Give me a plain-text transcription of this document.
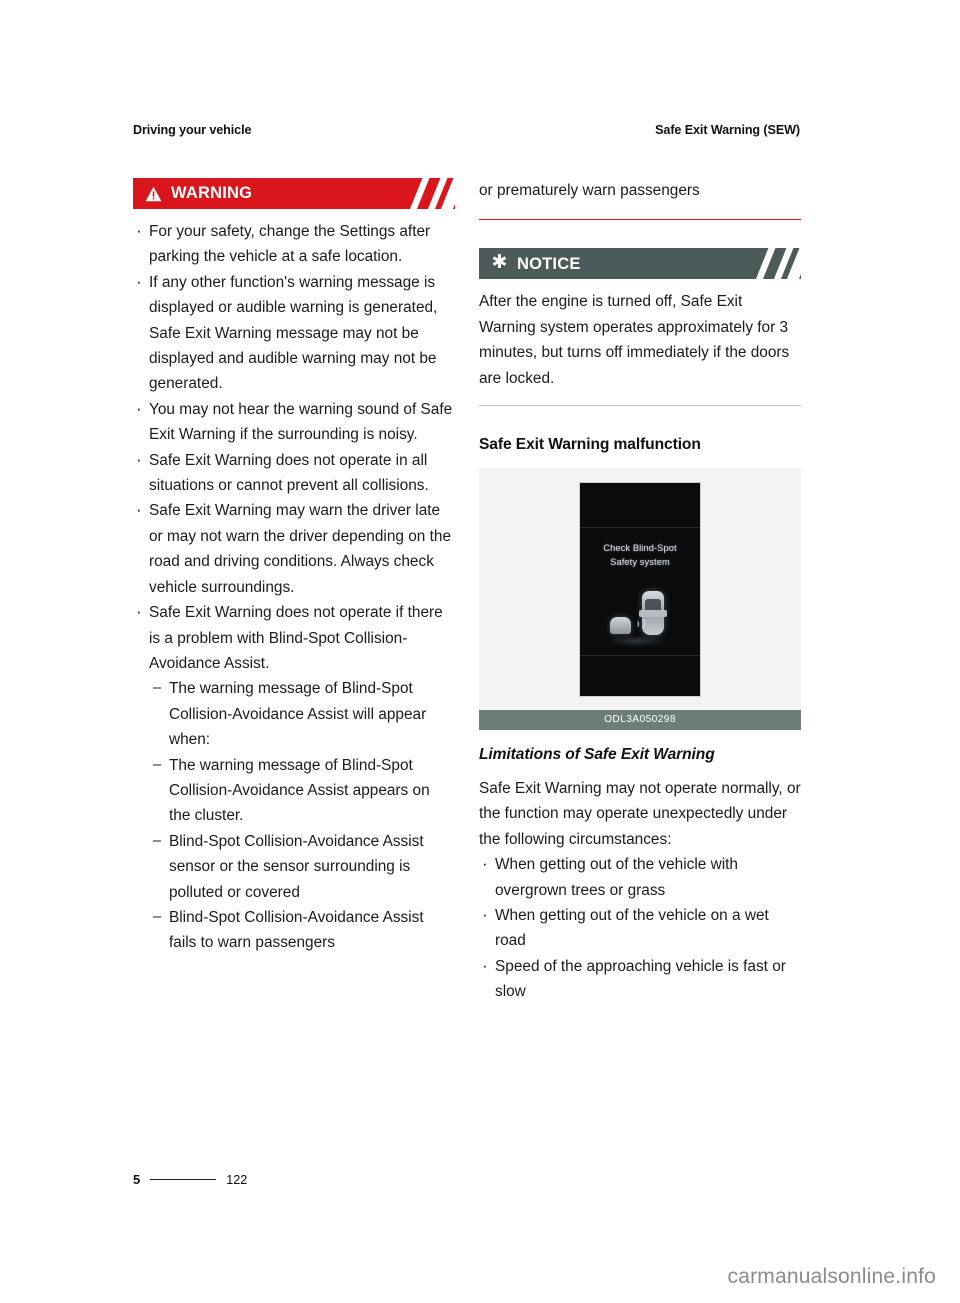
Driving your vehicle	Safe Exit Warning (SEW)
WARNING
· For your safety, change the Settings after parking the vehicle at a safe location.
· If any other function's warning message is displayed or audible warning is generated, Safe Exit Warning message may not be displayed and audible warning may not be generated.
· You may not hear the warning sound of Safe Exit Warning if the surrounding is noisy.
· Safe Exit Warning does not operate in all situations or cannot prevent all collisions.
· Safe Exit Warning may warn the driver late or may not warn the driver depending on the road and driving conditions. Always check vehicle surroundings.
· Safe Exit Warning does not operate if there is a problem with Blind-Spot Collision-Avoidance Assist.
– The warning message of Blind-Spot Collision-Avoidance Assist will appear when:
– The warning message of Blind-Spot Collision-Avoidance Assist appears on the cluster.
– Blind-Spot Collision-Avoidance Assist sensor or the sensor surrounding is polluted or covered
– Blind-Spot Collision-Avoidance Assist fails to warn passengers

or prematurely warn passengers

✱ NOTICE

After the engine is turned off, Safe Exit Warning system operates approximately for 3 minutes, but turns off immediately if the doors are locked.

Safe Exit Warning malfunction
Check Blind-Spot
Safety system
ODL3A050298
Limitations of Safe Exit Warning

Safe Exit Warning may not operate normally, or the function may operate unexpectedly under the following circumstances:

· When getting out of the vehicle with overgrown trees or grass
· When getting out of the vehicle on a wet road
· Speed of the approaching vehicle is fast or slow
5	122
carmanualsonline.info
